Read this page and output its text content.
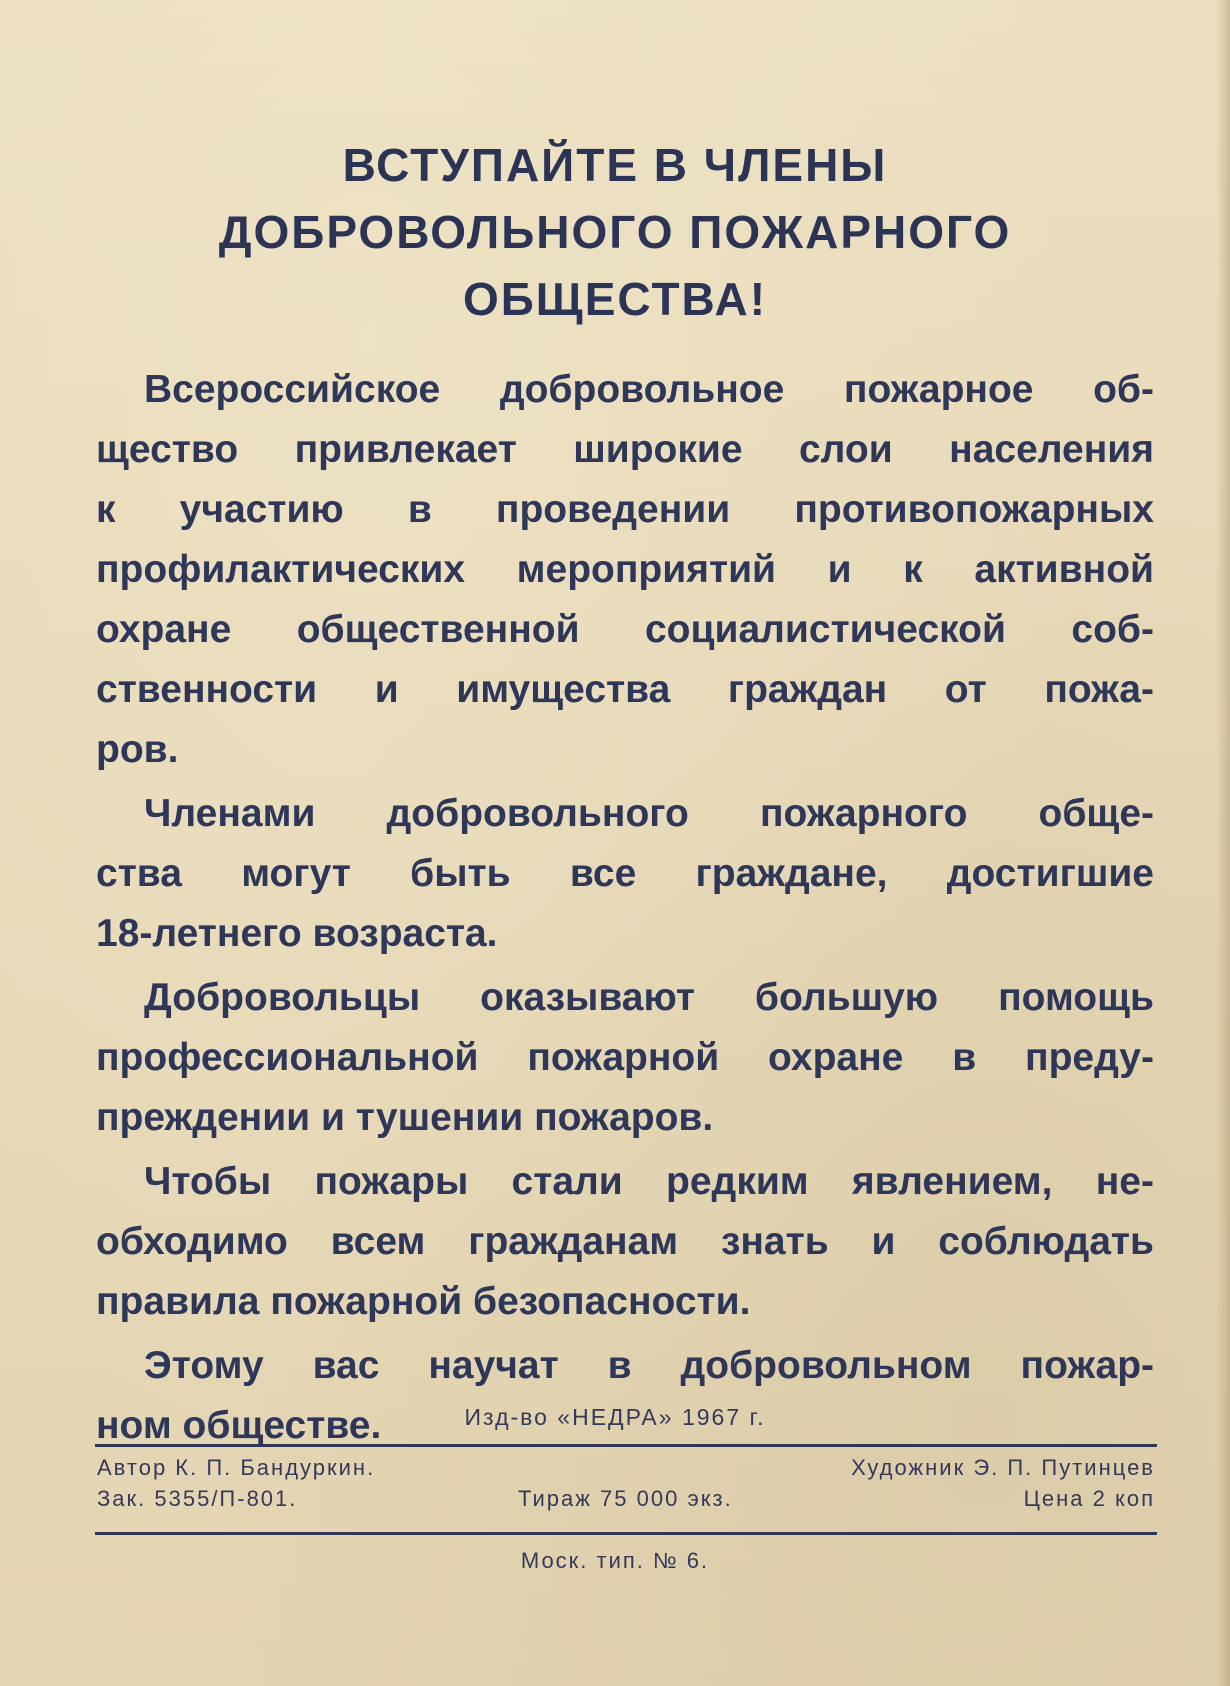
ВСТУПАЙТЕ В ЧЛЕНЫ
ДОБРОВОЛЬНОГО ПОЖАРНОГО
ОБЩЕСТВА!
Всероссийское добровольное пожарное об-
щество привлекает широкие слои населения
к участию в проведении противопожарных
профилактических мероприятий и к активной
охране общественной социалистической соб-
ственности и имущества граждан от пожа-
ров.
Членами добровольного пожарного обще-
ства могут быть все граждане, достигшие
18-летнего возраста.
Добровольцы оказывают большую помощь
профессиональной пожарной охране в преду-
преждении и тушении пожаров.
Чтобы пожары стали редким явлением, не-
обходимо всем гражданам знать и соблюдать
правила пожарной безопасности.
Этому вас научат в добровольном пожар-
ном обществе.	Изд-во «НЕДРА» 1967 г.
Автор К. П. Бандуркин.	Художник Э. П. Путинцев
Зак. 5355/П-801.	Тираж 75 000 экз.	Цена 2 коп
Моск. тип. № 6.
